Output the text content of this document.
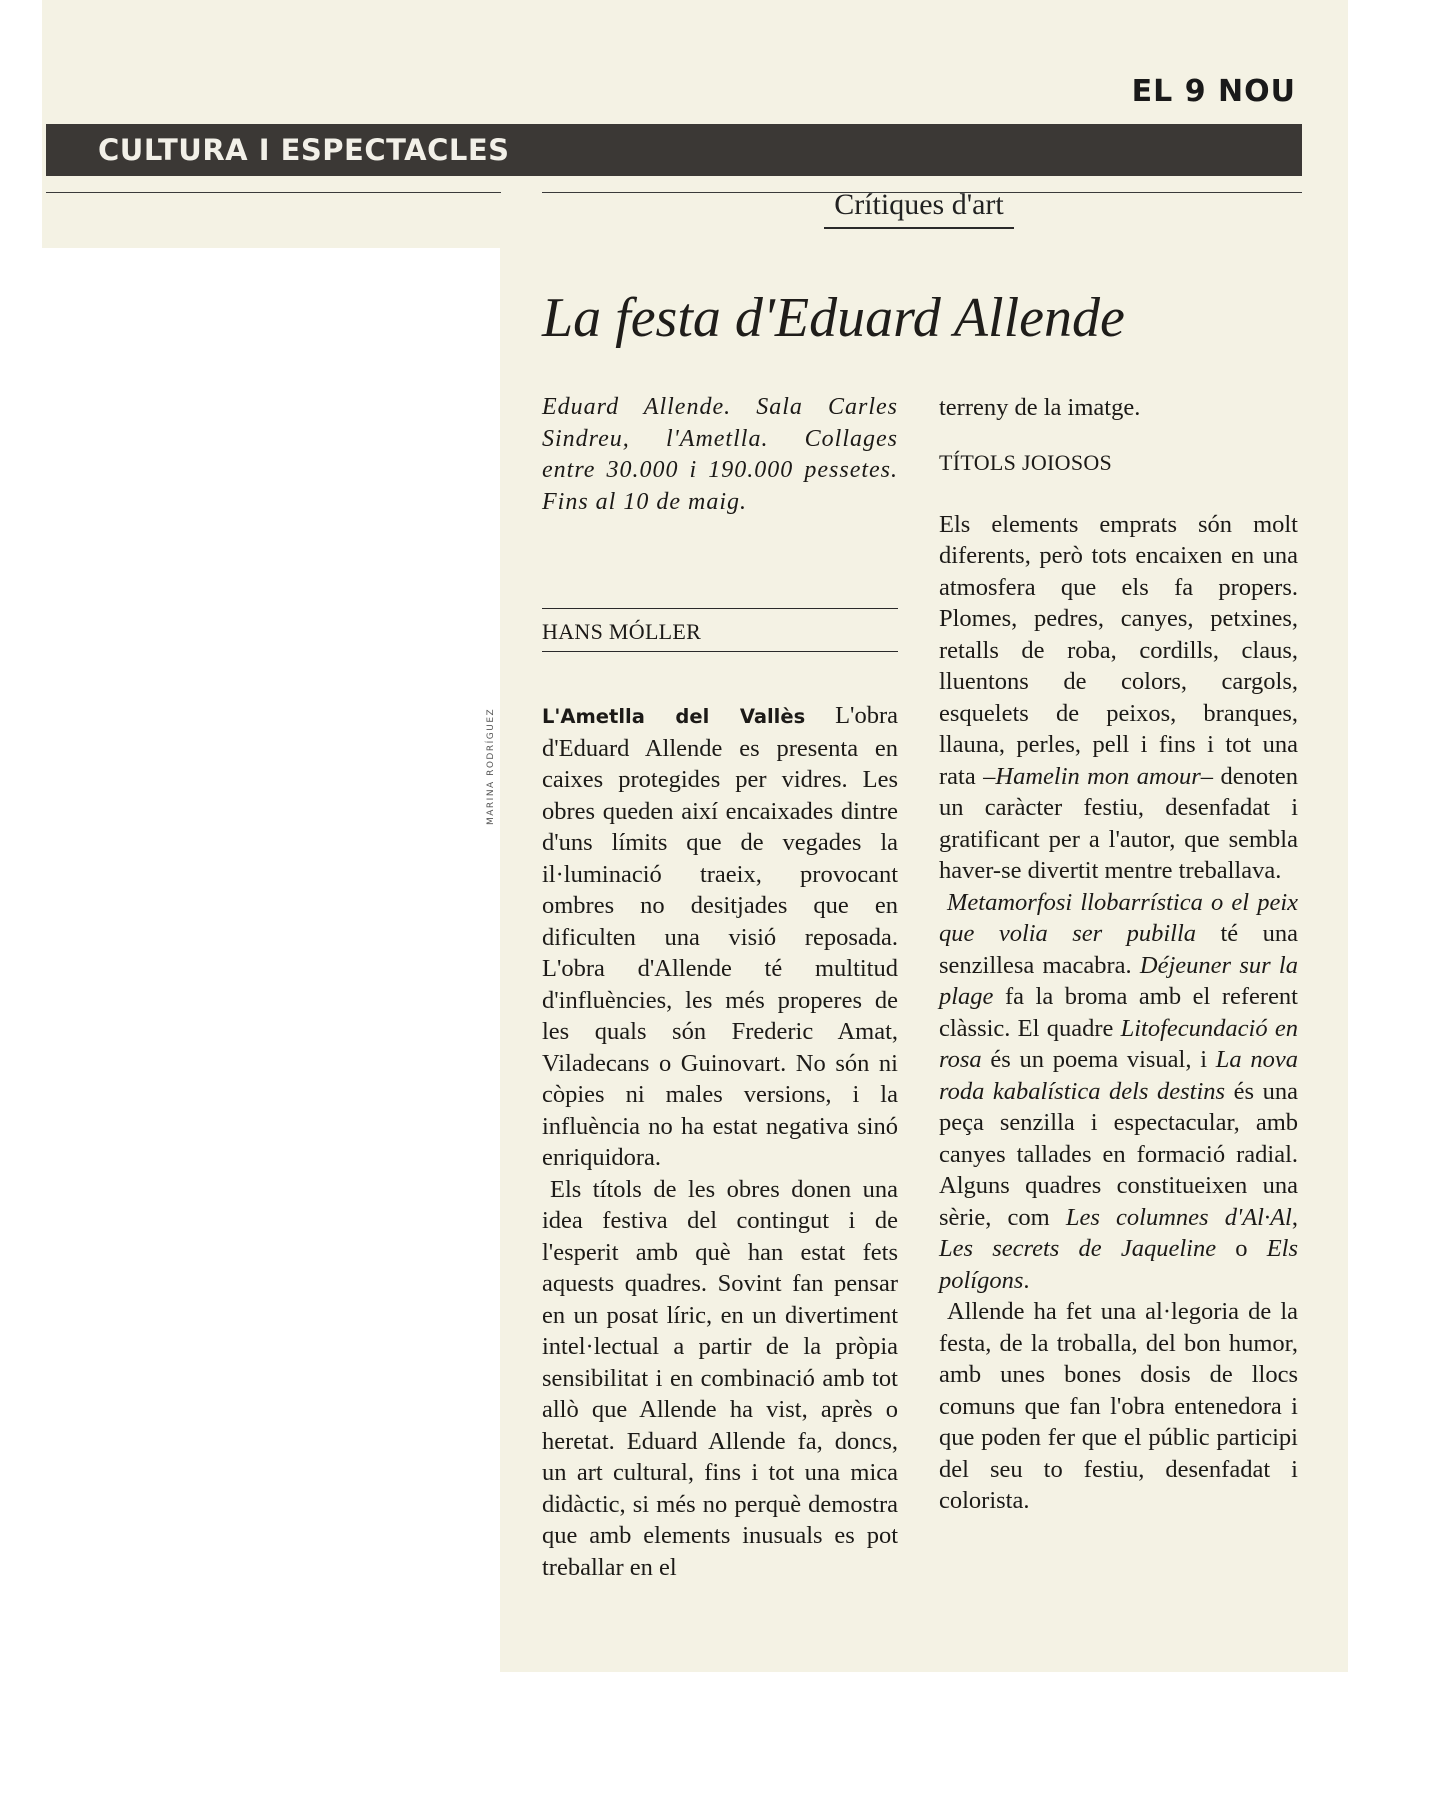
EL 9 NOU
CULTURA I ESPECTACLES
Crítiques d'art
La festa d'Eduard Allende
MARINA RODRÍGUEZ

Eduard Allende. Sala Carles Sindreu, l'Ametlla. Collages entre 30.000 i 190.000 pessetes. Fins al 10 de maig.

HANS MÓLLER

L'Ametlla del Vallès L'obra d'Eduard Allende es presenta en caixes protegides per vidres. Les obres queden així encaixades dintre d'uns límits que de vegades la il·luminació traeix, provocant ombres no desitjades que en dificulten una visió reposada. L'obra d'Allende té multitud d'influències, les més properes de les quals són Frederic Amat, Viladecans o Guinovart. No són ni còpies ni males versions, i la influència no ha estat negativa sinó enriquidora.

Els títols de les obres donen una idea festiva del contingut i de l'esperit amb què han estat fets aquests quadres. Sovint fan pensar en un posat líric, en un divertiment intel·lectual a partir de la pròpia sensibilitat i en combinació amb tot allò que Allende ha vist, après o heretat. Eduard Allende fa, doncs, un art cultural, fins i tot una mica didàctic, si més no perquè demostra que amb elements inusuals es pot treballar en el

terreny de la imatge.

TÍTOLS JOIOSOS

Els elements emprats són molt diferents, però tots encaixen en una atmosfera que els fa propers. Plomes, pedres, canyes, petxines, retalls de roba, cordills, claus, lluentons de colors, cargols, esquelets de peixos, branques, llauna, perles, pell i fins i tot una rata –Hamelin mon amour– denoten un caràcter festiu, desenfadat i gratificant per a l'autor, que sembla haver-se divertit mentre treballava.

Metamorfosi llobarrística o el peix que volia ser pubilla té una senzillesa macabra. Déjeuner sur la plage fa la broma amb el referent clàssic. El quadre Litofecundació en rosa és un poema visual, i La nova roda kabalística dels destins és una peça senzilla i espectacular, amb canyes tallades en formació radial. Alguns quadres constitueixen una sèrie, com Les columnes d'Al·Al, Les secrets de Jaqueline o Els polígons.

Allende ha fet una al·legoria de la festa, de la troballa, del bon humor, amb unes bones dosis de llocs comuns que fan l'obra entenedora i que poden fer que el públic participi del seu to festiu, desenfadat i colorista.
